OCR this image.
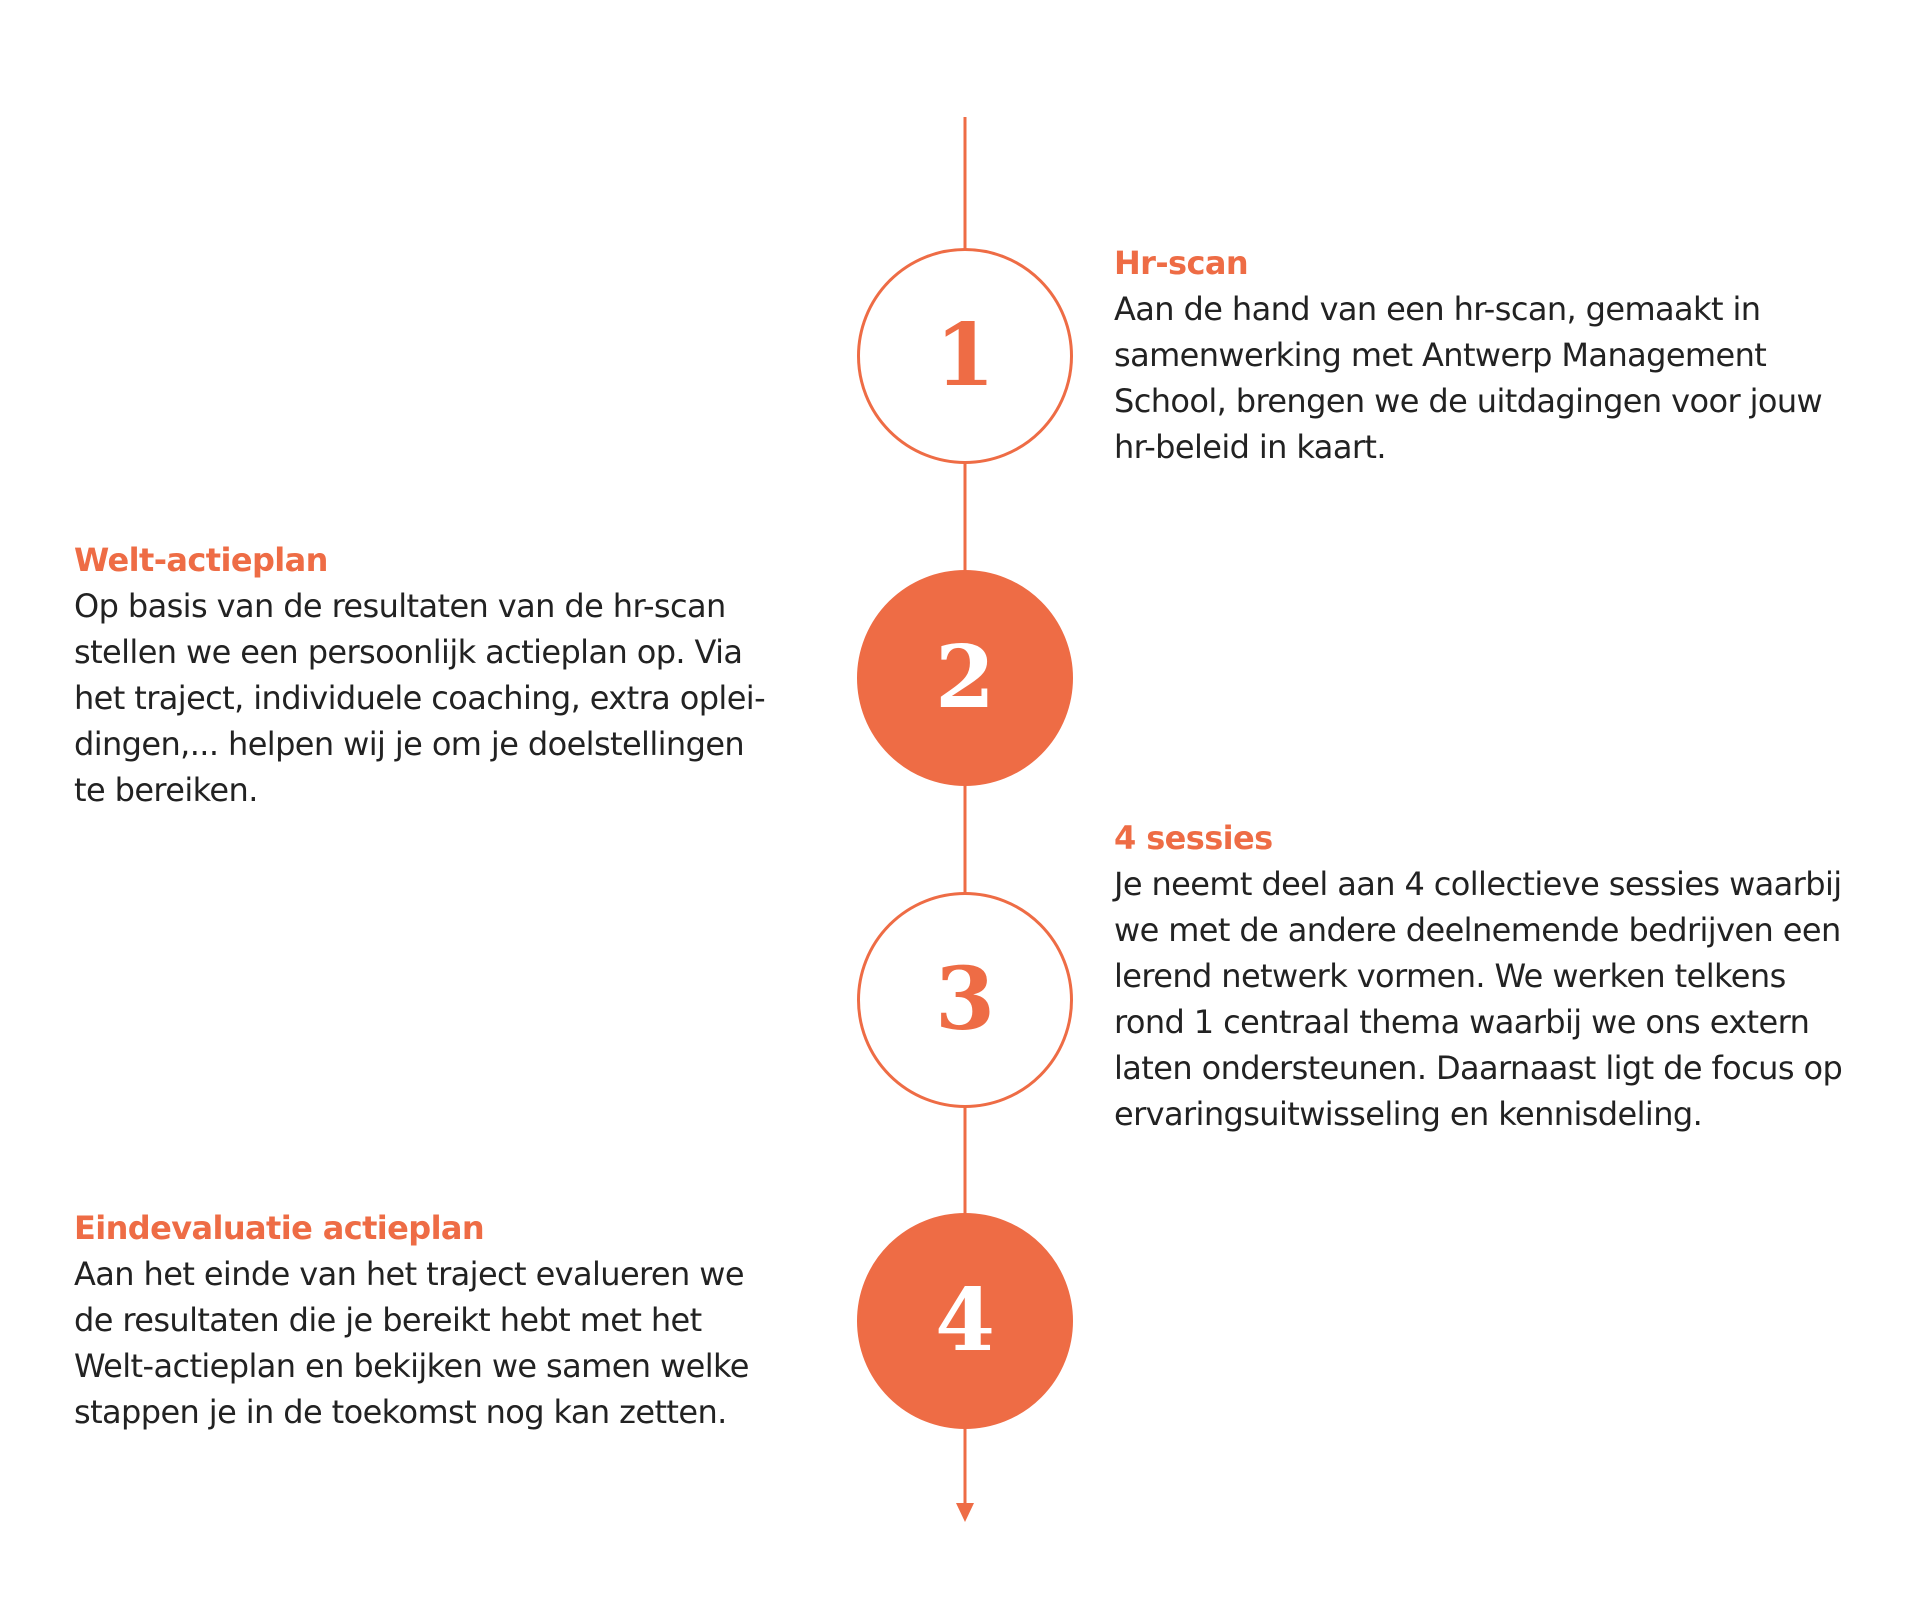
1

Hr-scan

Aan de hand van een hr-scan, gemaakt in
samenwerking met Antwerp Management
School, brengen we de uitdagingen voor jouw
hr-beleid in kaart.

2

Welt-actieplan

Op basis van de resultaten van de hr-scan
stellen we een persoonlijk actieplan op. Via
het traject, individuele coaching, extra oplei-
dingen,... helpen wij je om je doelstellingen
te bereiken.

3

4 sessies

Je neemt deel aan 4 collectieve sessies waarbij
we met de andere deelnemende bedrijven een
lerend netwerk vormen. We werken telkens
rond 1 centraal thema waarbij we ons extern
laten ondersteunen. Daarnaast ligt de focus op
ervaringsuitwisseling en kennisdeling.

4

Eindevaluatie actieplan

Aan het einde van het traject evalueren we
de resultaten die je bereikt hebt met het
Welt-actieplan en bekijken we samen welke
stappen je in de toekomst nog kan zetten.
